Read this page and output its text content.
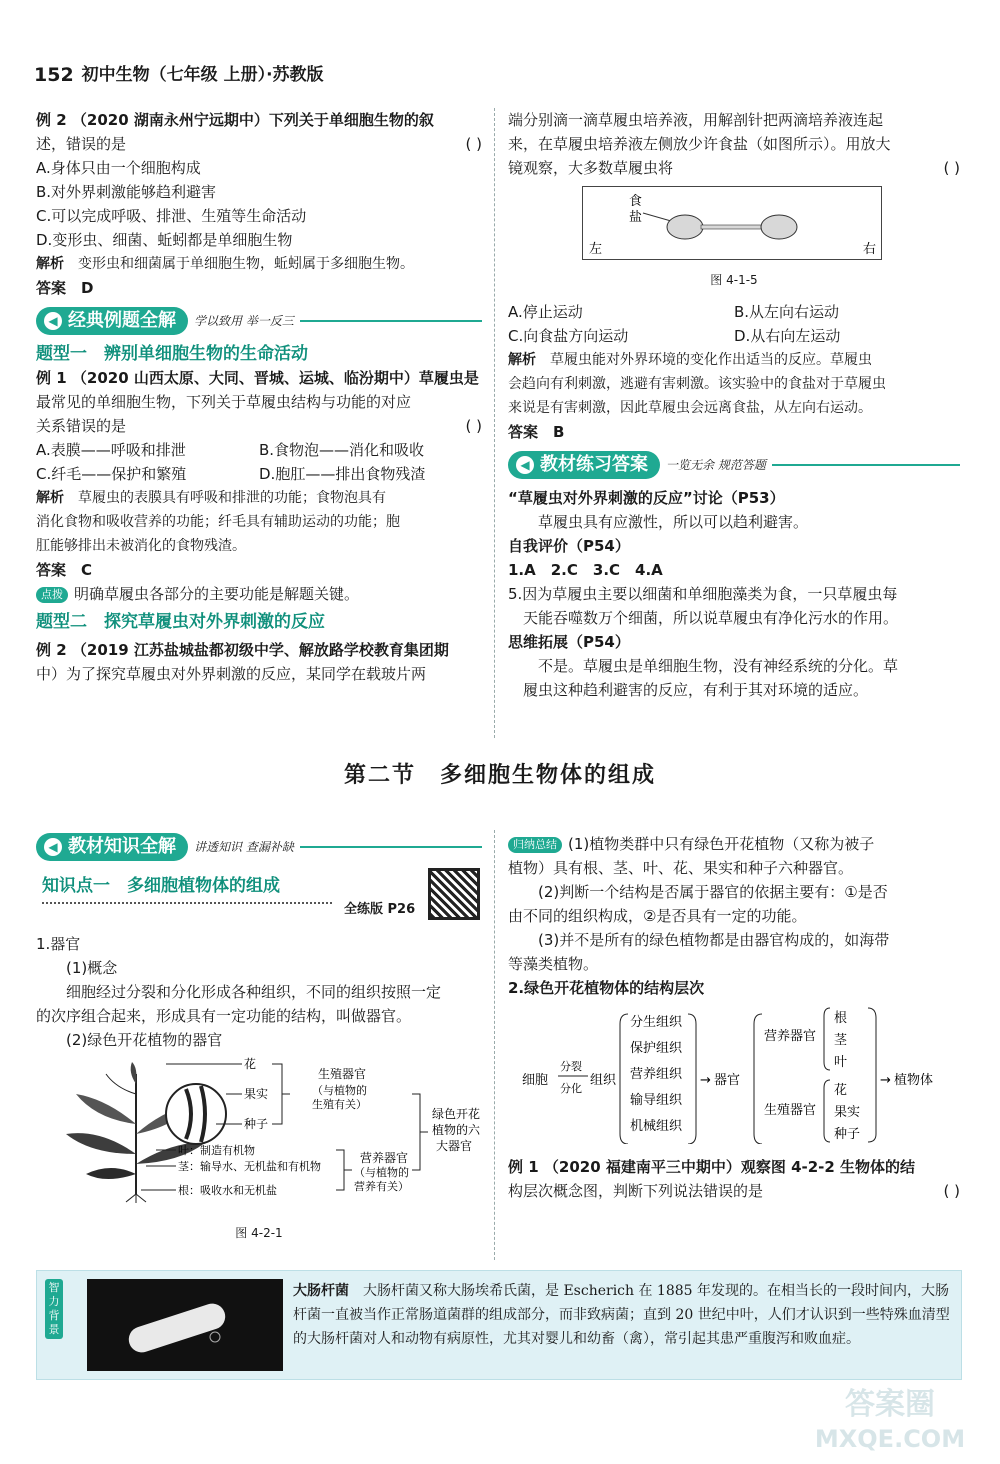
152 初中生物（七年级 上册）·苏教版

例 2 （2020 湖南永州宁远期中）下列关于单细胞生物的叙

述，错误的是	( )

A.身体只由一个细胞构成

B.对外界刺激能够趋利避害

C.可以完成呼吸、排泄、生殖等生命活动

D.变形虫、细菌、蚯蚓都是单细胞生物

解析　 变形虫和细菌属于单细胞生物，蚯蚓属于多细胞生物。

答案　 D

◀ 经典例题全解 学以致用 举一反三

题型一　辨别单细胞生物的生命活动

例 1 （2020 山西太原、大同、晋城、运城、临汾期中）草履虫是

最常见的单细胞生物，下列关于草履虫结构与功能的对应

关系错误的是	( )

A.表膜——呼吸和排泄	B.食物泡——消化和吸收
C.纤毛——保护和繁殖	D.胞肛——排出食物残渣

解析　 草履虫的表膜具有呼吸和排泄的功能；食物泡具有

消化食物和吸收营养的功能；纤毛具有辅助运动的功能；胞

肛能够排出未被消化的食物残渣。

答案　 C

点拨 明确草履虫各部分的主要功能是解题关键。

题型二　探究草履虫对外界刺激的反应

例 2 （2019 江苏盐城盐都初级中学、解放路学校教育集团期

中）为了探究草履虫对外界刺激的反应，某同学在载玻片两

端分别滴一滴草履虫培养液，用解剖针把两滴培养液连起

来，在草履虫培养液左侧放少许食盐（如图所示）。用放大

镜观察，大多数草履虫将	( )

食
盐
左	右

图 4-1-5

A.停止运动	B.从左向右运动
C.向食盐方向运动	D.从右向左运动

解析　 草履虫能对外界环境的变化作出适当的反应。草履虫

会趋向有利刺激，逃避有害刺激。该实验中的食盐对于草履虫

来说是有害刺激，因此草履虫会远离食盐，从左向右运动。

答案　 B

◀ 教材练习答案 一览无余 规范答题

“草履虫对外界刺激的反应”讨论（P53）

草履虫具有应激性，所以可以趋利避害。

自我评价（P54）

1.A　2.C　3.C　4.A

5.因为草履虫主要以细菌和单细胞藻类为食，一只草履虫每

天能吞噬数万个细菌，所以说草履虫有净化污水的作用。

思维拓展（P54）

不是。草履虫是单细胞生物，没有神经系统的分化。草

履虫这种趋利避害的反应，有利于其对环境的适应。

第二节　多细胞生物体的组成
◀ 教材知识全解 讲透知识 查漏补缺

知识点一　多细胞植物体的组成

全练版 P26

1.器官

(1)概念

细胞经过分裂和分化形成各种组织，不同的组织按照一定

的次序组合起来，形成具有一定功能的结构，叫做器官。

(2)绿色开花植物的器官

花
果实
种子
生殖器官
（与植物的
生殖有关）
叶：制造有机物
茎：输导水、无机盐和有机物
根：吸收水和无机盐
营养器官
（与植物的
营养有关）
绿色开花
植物的六
大器官

图 4-2-1

归纳总结 (1)植物类群中只有绿色开花植物（又称为被子

植物）具有根、茎、叶、花、果实和种子六种器官。

(2)判断一个结构是否属于器官的依据主要有：①是否

由不同的组织构成，②是否具有一定的功能。

(3)并不是所有的绿色植物都是由器官构成的，如海带

等藻类植物。

2.绿色开花植物体的结构层次

细胞
分裂
分化
组织
分生组织
保护组织
营养组织
输导组织
机械组织
→ 器官
营养器官
生殖器官
根
茎
叶
花
果实
种子
→ 植物体

例 1 （2020 福建南平三中期中）观察图 4-2-2 生物体的结

构层次概念图，判断下列说法错误的是	( )

智力背景
大肠杆菌　 大肠杆菌又称大肠埃希氏菌，是 Escherich 在 1885 年发现的。在相当长的一段时间内，大肠杆菌一直被当作正常肠道菌群的组成部分，而非致病菌；直到 20 世纪中叶，人们才认识到一些特殊血清型的大肠杆菌对人和动物有病原性，尤其对婴儿和幼畜（禽），常引起其患严重腹泻和败血症。
答案圈
MXQE.COM
